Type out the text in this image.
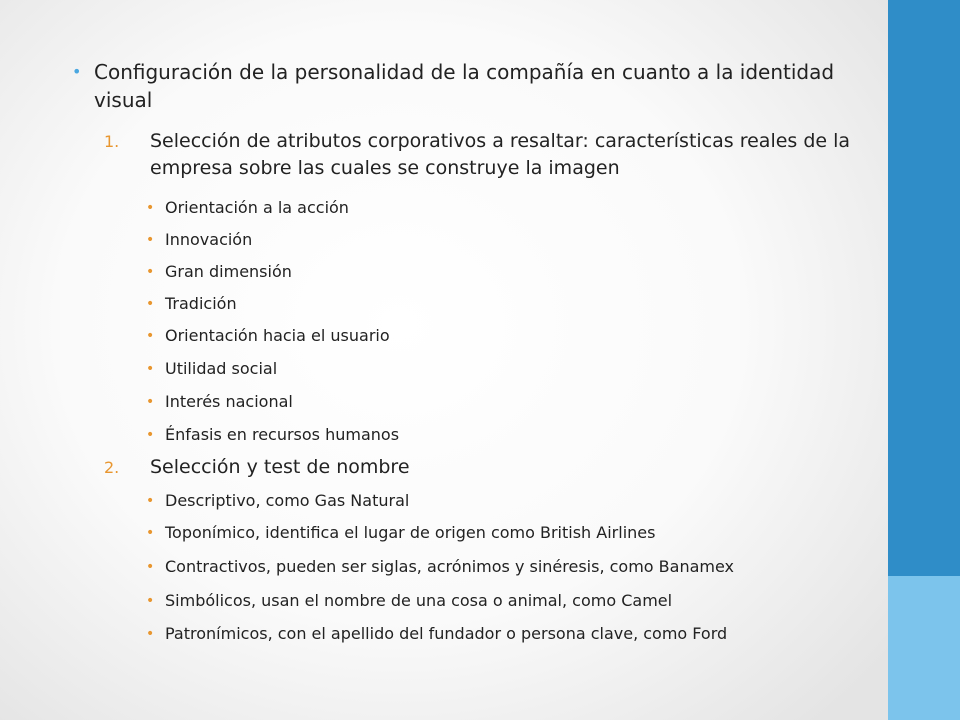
• Configuración de la personalidad de la compañía en cuanto a la identidad visual
1. Selección de atributos corporativos a resaltar: características reales de la empresa sobre las cuales se construye la imagen
• Orientación a la acción
• Innovación
• Gran dimensión
• Tradición
• Orientación hacia el usuario
• Utilidad social
• Interés nacional
• Énfasis en recursos humanos
2. Selección y test de nombre
• Descriptivo, como Gas Natural
• Toponímico, identifica el lugar de origen como British Airlines
• Contractivos, pueden ser siglas, acrónimos y sinéresis, como Banamex
• Simbólicos, usan el nombre de una cosa o animal, como Camel
• Patronímicos, con el apellido del fundador o persona clave, como Ford
